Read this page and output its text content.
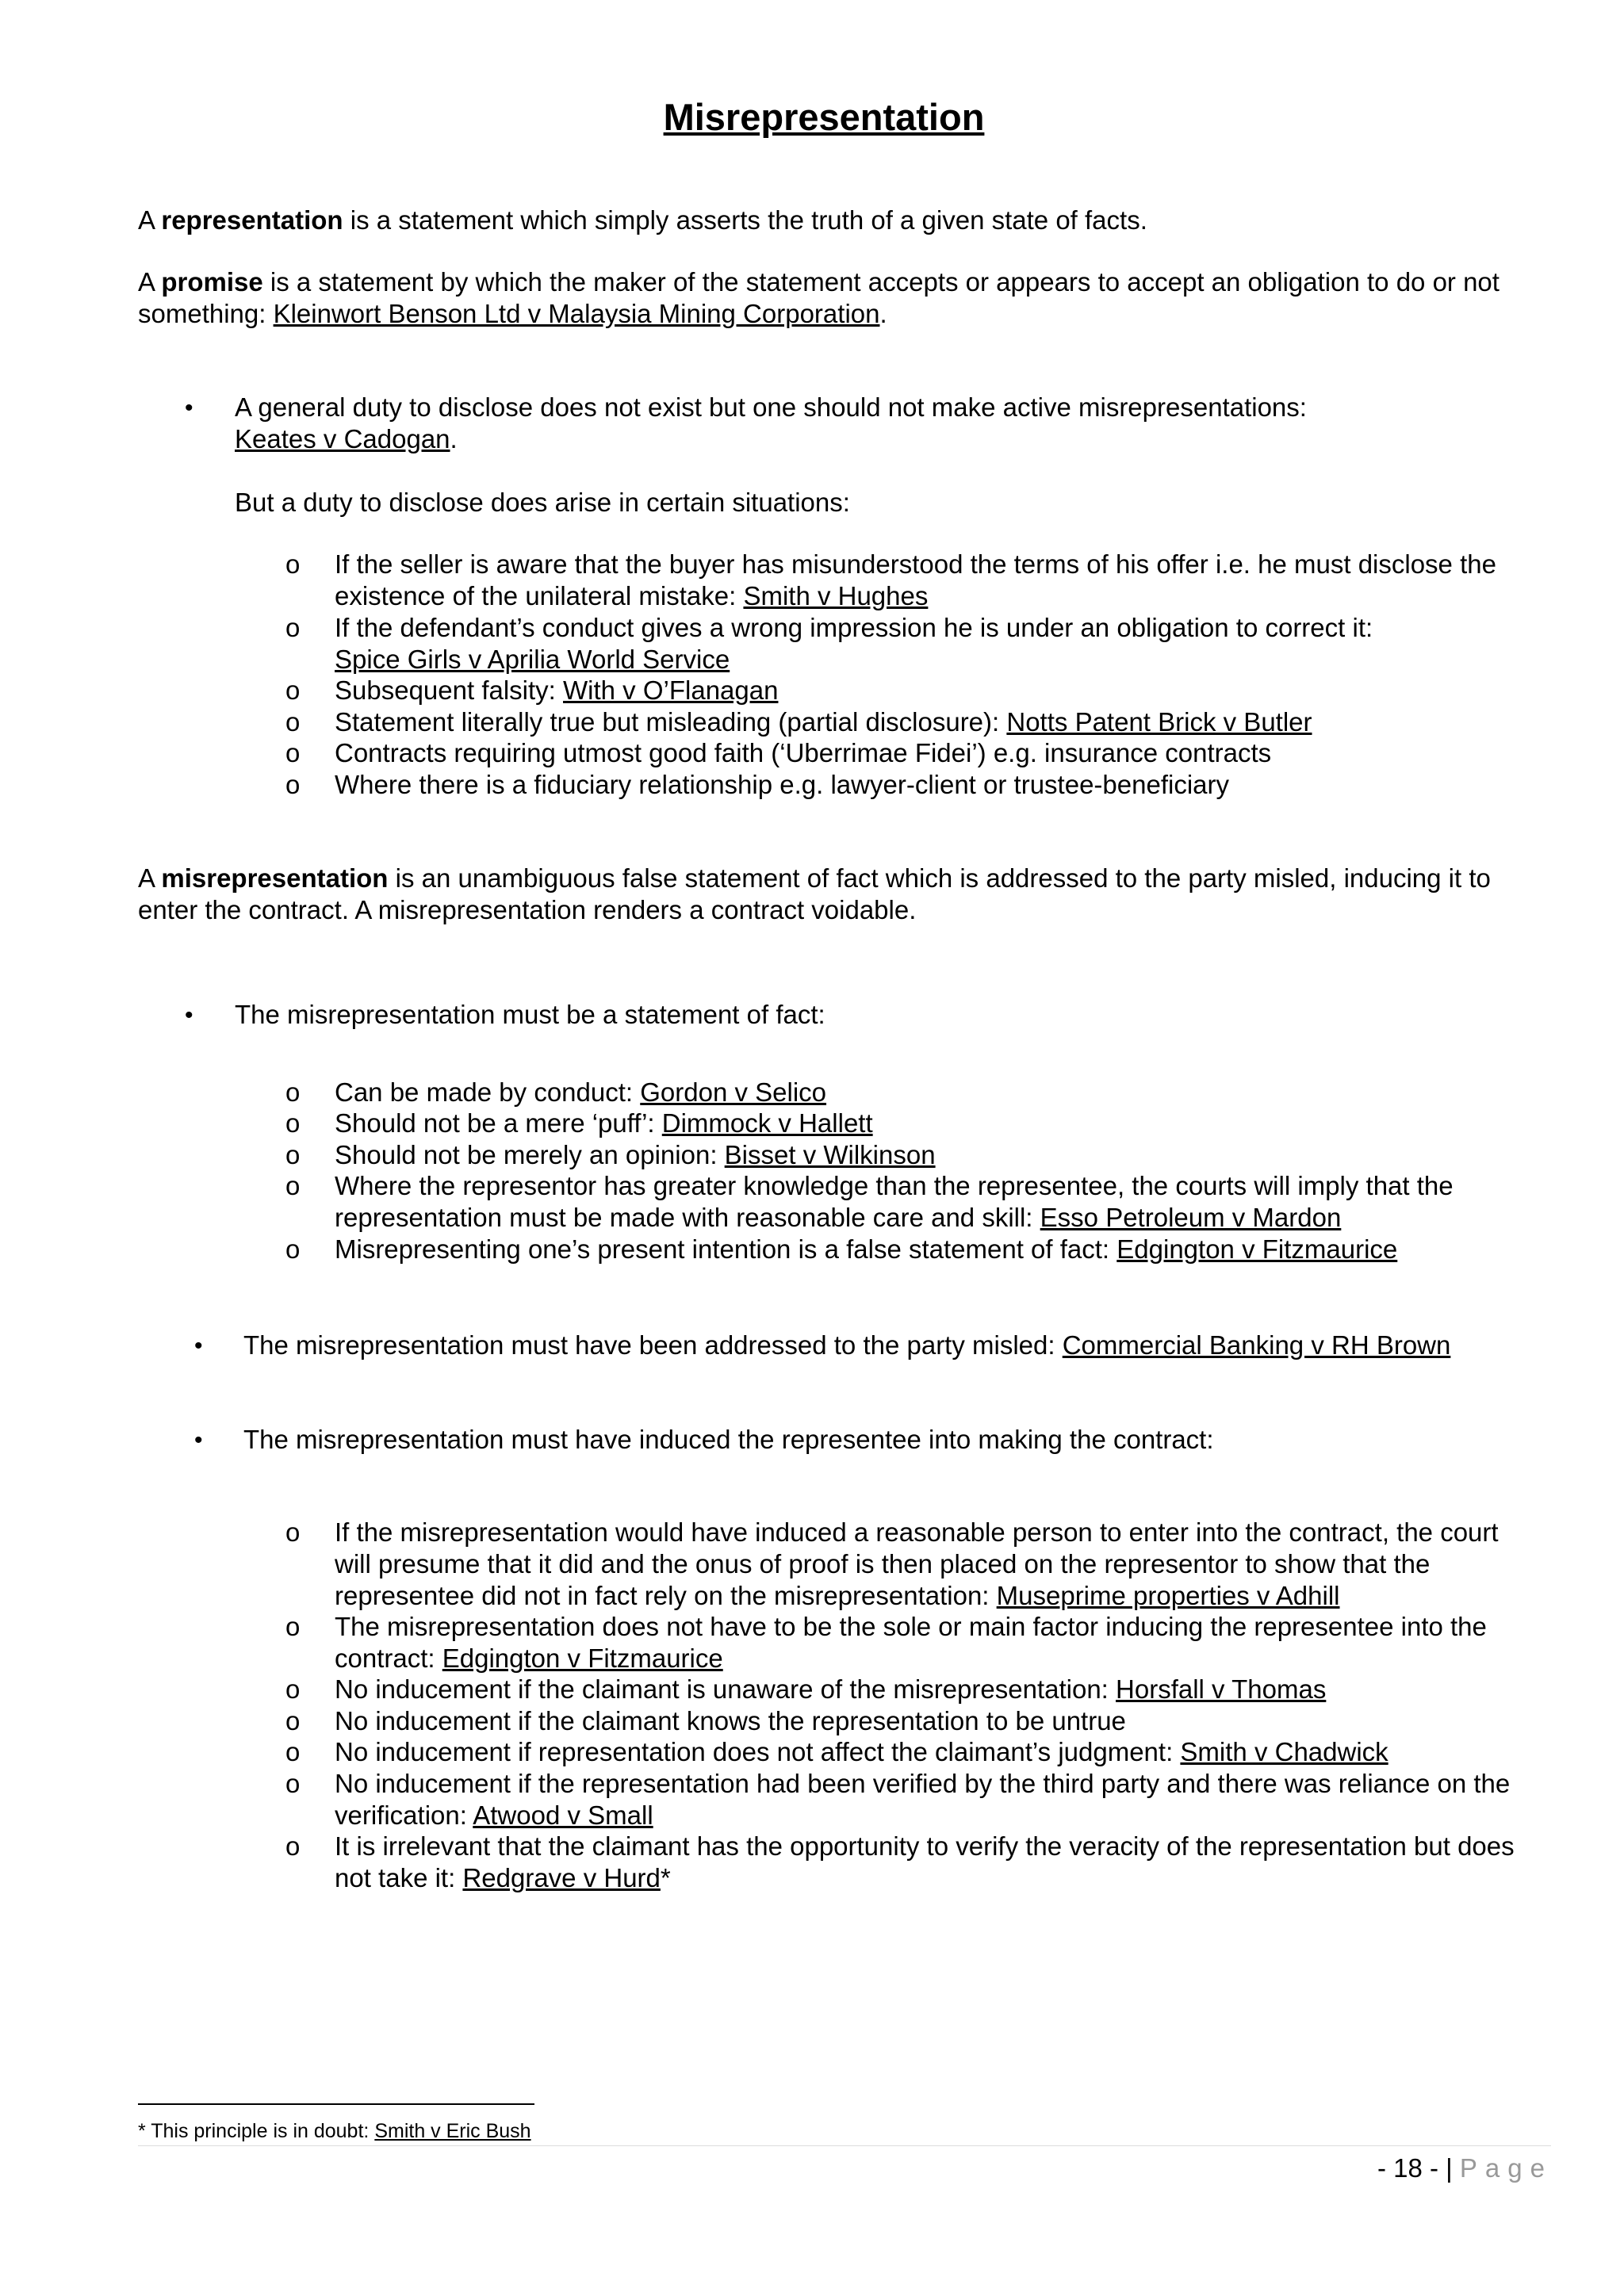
Misrepresentation

A representation is a statement which simply asserts the truth of a given state of facts.

A promise is a statement by which the maker of the statement accepts or appears to accept an obligation to do or not something: Kleinwort Benson Ltd v Malaysia Mining Corporation.

• A general duty to disclose does not exist but one should not make active misrepresentations:
Keates v Cadogan.
But a duty to disclose does arise in certain situations:
o If the seller is aware that the buyer has misunderstood the terms of his offer i.e. he must disclose the existence of the unilateral mistake: Smith v Hughes
o If the defendant’s conduct gives a wrong impression he is under an obligation to correct it:
Spice Girls v Aprilia World Service
o Subsequent falsity: With v O’Flanagan
o Statement literally true but misleading (partial disclosure): Notts Patent Brick v Butler
o Contracts requiring utmost good faith (‘Uberrimae Fidei’) e.g. insurance contracts
o Where there is a fiduciary relationship e.g. lawyer-client or trustee-beneficiary

A misrepresentation is an unambiguous false statement of fact which is addressed to the party misled, inducing it to enter the contract. A misrepresentation renders a contract voidable.

• The misrepresentation must be a statement of fact:
o Can be made by conduct: Gordon v Selico
o Should not be a mere ‘puff’: Dimmock v Hallett
o Should not be merely an opinion: Bisset v Wilkinson
o Where the representor has greater knowledge than the representee, the courts will imply that the representation must be made with reasonable care and skill: Esso Petroleum v Mardon
o Misrepresenting one’s present intention is a false statement of fact: Edgington v Fitzmaurice
• The misrepresentation must have been addressed to the party misled: Commercial Banking v RH Brown
• The misrepresentation must have induced the representee into making the contract:
o If the misrepresentation would have induced a reasonable person to enter into the contract, the court will presume that it did and the onus of proof is then placed on the representor to show that the representee did not in fact rely on the misrepresentation: Museprime properties v Adhill
o The misrepresentation does not have to be the sole or main factor inducing the representee into the contract: Edgington v Fitzmaurice
o No inducement if the claimant is unaware of the misrepresentation: Horsfall v Thomas
o No inducement if the claimant knows the representation to be untrue
o No inducement if representation does not affect the claimant’s judgment: Smith v Chadwick
o No inducement if the representation had been verified by the third party and there was reliance on the verification: Atwood v Small
o It is irrelevant that the claimant has the opportunity to verify the veracity of the representation but does not take it: Redgrave v Hurd*
* This principle is in doubt: Smith v Eric Bush
- 18 - | Page
